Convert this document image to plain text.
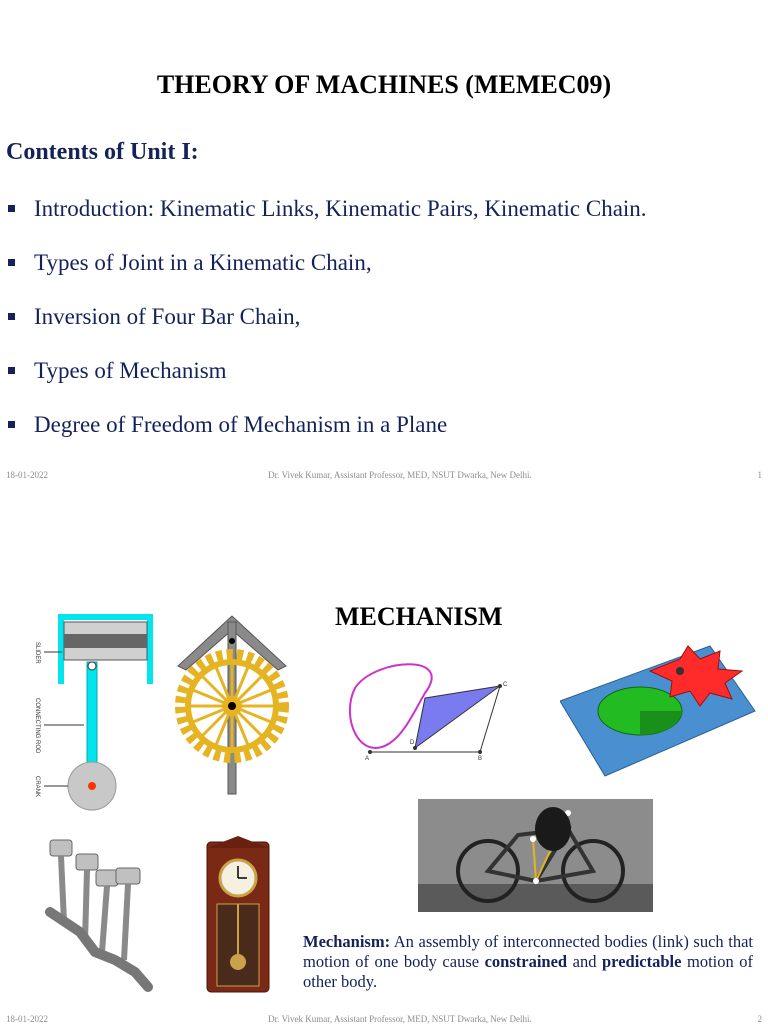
THEORY OF MACHINES (MEMEC09)
Contents of Unit I:
Introduction: Kinematic Links, Kinematic Pairs, Kinematic Chain.
Types of Joint in a Kinematic Chain,
Inversion of Four Bar Chain,
Types of Mechanism
Degree of Freedom of Mechanism in a Plane
18-01-2022	Dr. Vivek Kumar, Assistant Professor, MED, NSUT Dwarka, New Delhi.	1
MECHANISM
SLIDER
CONNECTING ROD
CRANK
A	B
C
D
Mechanism: An assembly of interconnected bodies (link) such that motion of one body cause constrained and predictable motion of other body.
18-01-2022	Dr. Vivek Kumar, Assistant Professor, MED, NSUT Dwarka, New Delhi.	2
